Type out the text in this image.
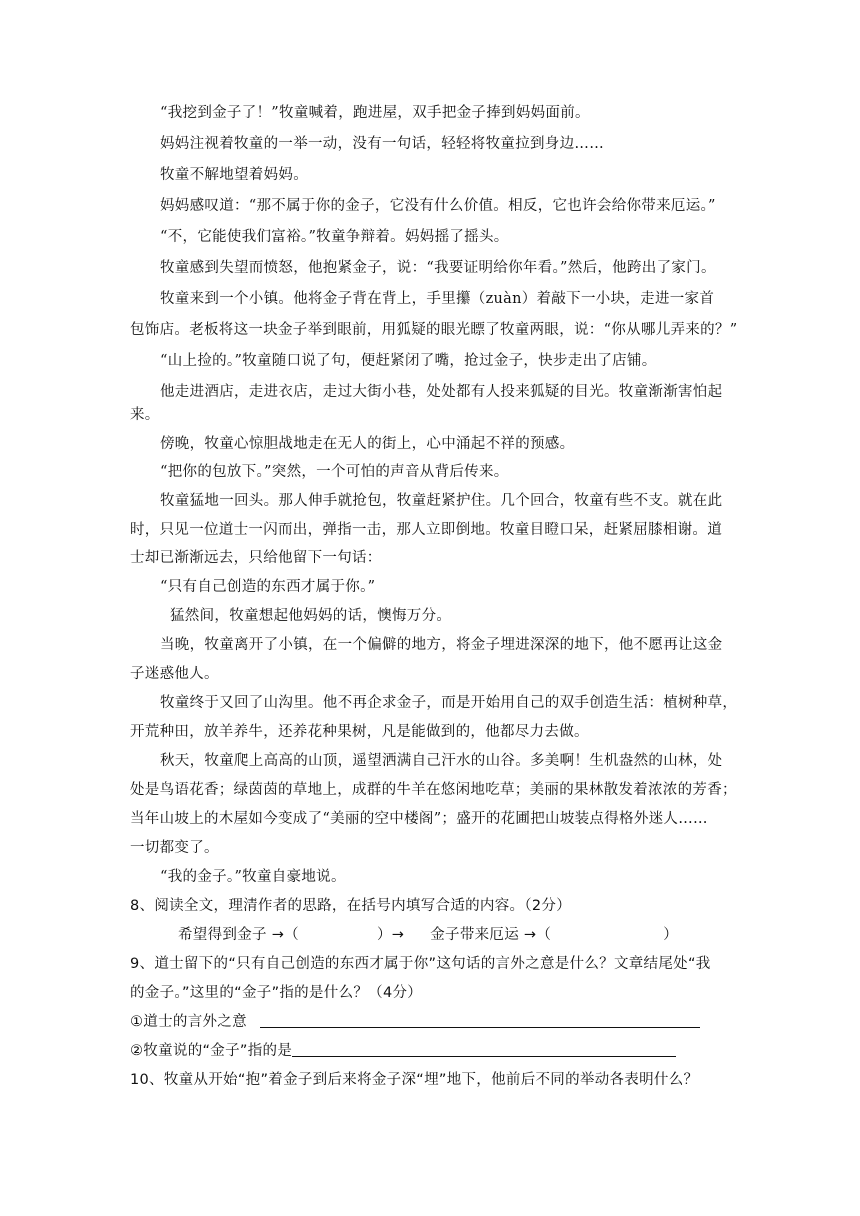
“我挖到金子了！”牧童喊着，跑进屋，双手把金子捧到妈妈面前。
妈妈注视着牧童的一举一动，没有一句话，轻轻将牧童拉到身边……
牧童不解地望着妈妈。
妈妈感叹道：“那不属于你的金子，它没有什么价值。相反，它也许会给你带来厄运。”
“不，它能使我们富裕。”牧童争辩着。妈妈摇了摇头。
牧童感到失望而愤怒，他抱紧金子，说：“我要证明给你年看。”然后，他跨出了家门。
牧童来到一个小镇。他将金子背在背上，手里攥（zuàn）着敲下一小块，走进一家首
包饰店。老板将这一块金子举到眼前，用狐疑的眼光瞟了牧童两眼，说：“你从哪儿弄来的？”
“山上捡的。”牧童随口说了句，便赶紧闭了嘴，抢过金子，快步走出了店铺。
他走进酒店，走进衣店，走过大街小巷，处处都有人投来狐疑的目光。牧童渐渐害怕起
来。
傍晚，牧童心惊胆战地走在无人的街上，心中涌起不祥的预感。
“把你的包放下。”突然，一个可怕的声音从背后传来。
牧童猛地一回头。那人伸手就抢包，牧童赶紧护住。几个回合，牧童有些不支。就在此
时，只见一位道士一闪而出，弹指一击，那人立即倒地。牧童目瞪口呆，赶紧屈膝相谢。道
士却已渐渐远去，只给他留下一句话：
“只有自己创造的东西才属于你。”
猛然间，牧童想起他妈妈的话，懊悔万分。
当晚，牧童离开了小镇，在一个偏僻的地方，将金子埋进深深的地下，他不愿再让这金
子迷惑他人。
牧童终于又回了山沟里。他不再企求金子，而是开始用自己的双手创造生活：植树种草，
开荒种田，放羊养牛，还养花种果树，凡是能做到的，他都尽力去做。
秋天，牧童爬上高高的山顶，遥望洒满自己汗水的山谷。多美啊！生机盎然的山林，处
处是鸟语花香；绿茵茵的草地上，成群的牛羊在悠闲地吃草；美丽的果林散发着浓浓的芳香；
当年山坡上的木屋如今变成了“美丽的空中楼阁”；盛开的花圃把山坡装点得格外迷人……
一切都变了。
“我的金子。”牧童自豪地说。
8、阅读全文，理清作者的思路，在括号内填写合适的内容。（2分）
希望得到金子 →（	）→ 金子带来厄运 →（	）
9、道士留下的“只有自己创造的东西才属于你”这句话的言外之意是什么？文章结尾处“我
的金子。”这里的“金子”指的是什么？（4分）
①道士的言外之意
②牧童说的“金子”指的是
10、牧童从开始“抱”着金子到后来将金子深“埋”地下，他前后不同的举动各表明什么？
